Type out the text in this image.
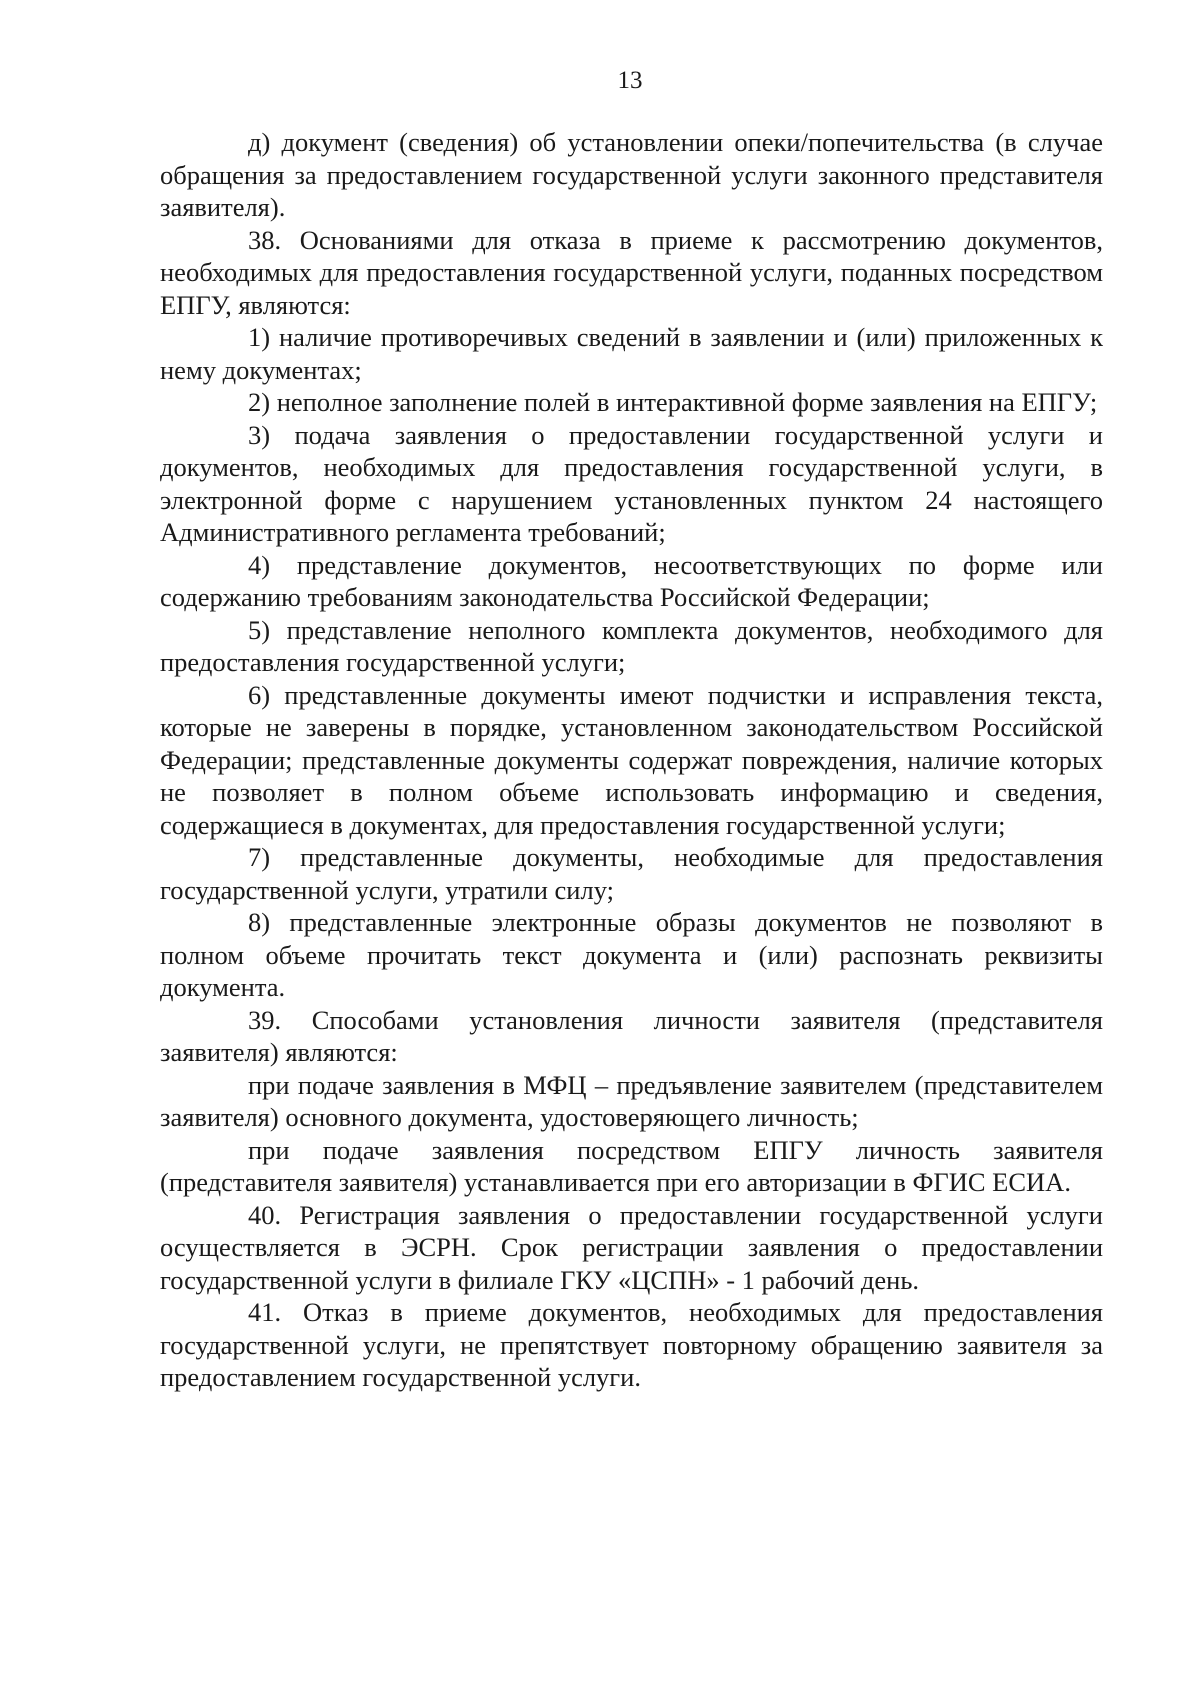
13

д) документ (сведения) об установлении опеки/попечительства (в случае обращения за предоставлением государственной услуги законного представителя заявителя).

38. Основаниями для отказа в приеме к рассмотрению документов, необходимых для предоставления государственной услуги, поданных посредством ЕПГУ, являются:

1) наличие противоречивых сведений в заявлении и (или) приложенных к нему документах;

2) неполное заполнение полей в интерактивной форме заявления на ЕПГУ;

3) подача заявления о предоставлении государственной услуги и документов, необходимых для предоставления государственной услуги, в электронной форме с нарушением установленных пунктом 24 настоящего Административного регламента требований;

4) представление документов, несоответствующих по форме или содержанию требованиям законодательства Российской Федерации;

5) представление неполного комплекта документов, необходимого для предоставления государственной услуги;

6) представленные документы имеют подчистки и исправления текста, которые не заверены в порядке, установленном законодательством Российской Федерации; представленные документы содержат повреждения, наличие которых не позволяет в полном объеме использовать информацию и сведения, содержащиеся в документах, для предоставления государственной услуги;

7) представленные документы, необходимые для предоставления государственной услуги, утратили силу;

8) представленные электронные образы документов не позволяют в полном объеме прочитать текст документа и (или) распознать реквизиты документа.

39. Способами установления личности заявителя (представителя заявителя) являются:

при подаче заявления в МФЦ – предъявление заявителем (представителем заявителя) основного документа, удостоверяющего личность;

при подаче заявления посредством ЕПГУ личность заявителя (представителя заявителя) устанавливается при его авторизации в ФГИС ЕСИА.

40. Регистрация заявления о предоставлении государственной услуги осуществляется в ЭСРН. Срок регистрации заявления о предоставлении государственной услуги в филиале ГКУ «ЦСПН» - 1 рабочий день.

41. Отказ в приеме документов, необходимых для предоставления государственной услуги, не препятствует повторному обращению заявителя за предоставлением государственной услуги.
